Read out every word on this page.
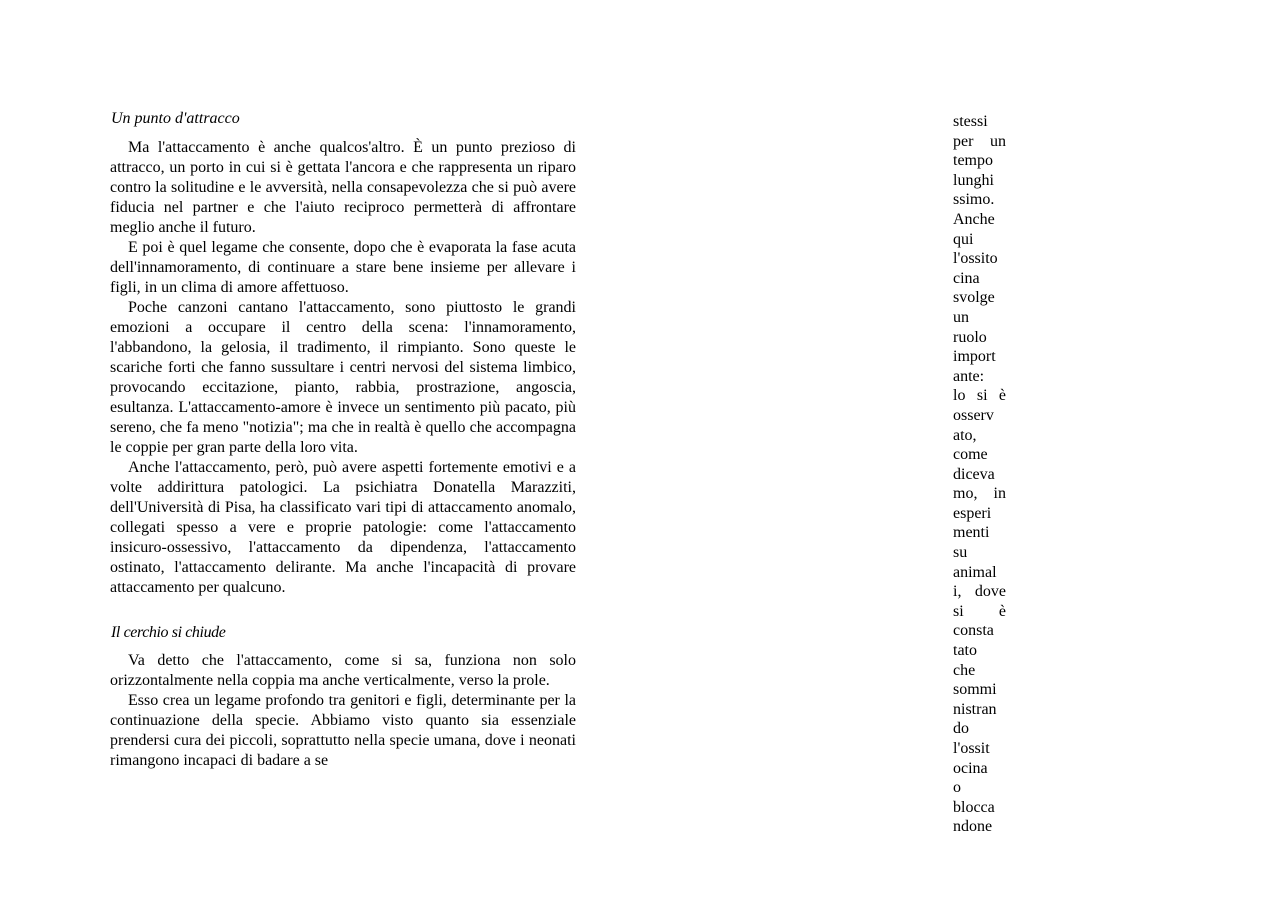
Un punto d'attracco

Ma l'attaccamento è anche qualcos'altro. È un punto prezioso di attracco, un porto in cui si è gettata l'ancora e che rappresenta un riparo contro la solitudine e le avversità, nella consapevolezza che si può avere fiducia nel partner e che l'aiuto reciproco permetterà di affrontare meglio anche il futuro.

E poi è quel legame che consente, dopo che è evaporata la fase acuta dell'innamoramento, di continuare a stare bene insieme per allevare i figli, in un clima di amore affettuoso.

Poche canzoni cantano l'attaccamento, sono piuttosto le grandi emozioni a occupare il centro della scena: l'innamoramento, l'abbandono, la gelosia, il tradimento, il rimpianto. Sono queste le scariche forti che fanno sussultare i centri nervosi del sistema limbico, provocando eccitazione, pianto, rabbia, prostrazione, angoscia, esultanza. L'attaccamento-amore è invece un sentimento più pacato, più sereno, che fa meno "notizia"; ma che in realtà è quello che accompagna le coppie per gran parte della loro vita.

Anche l'attaccamento, però, può avere aspetti fortemente emotivi e a volte addirittura patologici. La psichiatra Donatella Marazziti, dell'Università di Pisa, ha classificato vari tipi di attaccamento anomalo, collegati spesso a vere e proprie patologie: come l'attaccamento insicuro-ossessivo, l'attaccamento da dipendenza, l'attaccamento ostinato, l'attaccamento delirante. Ma anche l'incapacità di provare attaccamento per qualcuno.

Il cerchio si chiude

Va detto che l'attaccamento, come si sa, funziona non solo orizzontalmente nella coppia ma anche verticalmente, verso la prole.

Esso crea un legame profondo tra genitori e figli, determinante per la continuazione della specie. Abbiamo visto quanto sia essenziale prendersi cura dei piccoli, soprattutto nella specie umana, dove i neonati rimangono incapaci di badare a se

stessi
per un
tempo
lunghi
ssimo.
Anche
qui
l'ossito
cina
svolge
un
ruolo
import
ante:
lo si è
osserv
ato,
come
diceva
mo, in
esperi
menti
su
animal
i, dove
si è
consta
tato
che
sommi
nistran
do
l'ossit
ocina
o
blocca
ndone
